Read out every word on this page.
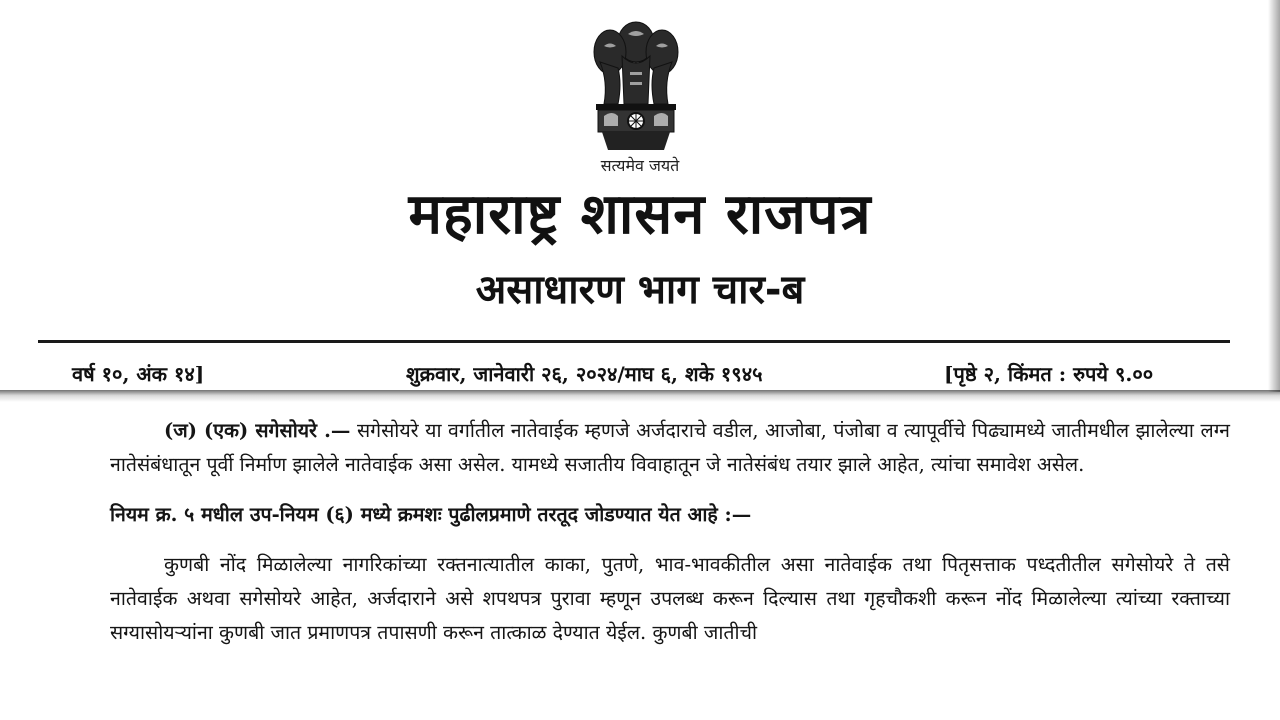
सत्यमेव जयते
महाराष्ट्र शासन राजपत्र
असाधारण भाग चार-ब
वर्ष १०, अंक १४]	शुक्रवार, जानेवारी २६, २०२४/माघ ६, शके १९४५	[पृष्ठे २, किंमत : रुपये ९.००

(ज) (एक) सगेसोयरे .— सगेसोयरे या वर्गातील नातेवाईक म्हणजे अर्जदाराचे वडील, आजोबा, पंजोबा व त्यापूर्वीचे पिढ्यामध्ये जातीमधील झालेल्या लग्न नातेसंबंधातून पूर्वी निर्माण झालेले नातेवाईक असा असेल. यामध्ये सजातीय विवाहातून जे नातेसंबंध तयार झाले आहेत, त्यांचा समावेश असेल.

नियम क्र. ५ मधील उप-नियम (६) मध्ये क्रमशः पुढीलप्रमाणे तरतूद जोडण्यात येत आहे :—

कुणबी नोंद मिळालेल्या नागरिकांच्या रक्तनात्यातील काका, पुतणे, भाव-भावकीतील असा नातेवाईक तथा पितृसत्ताक पध्दतीतील सगेसोयरे ते तसे नातेवाईक अथवा सगेसोयरे आहेत, अर्जदाराने असे शपथपत्र पुरावा म्हणून उपलब्ध करून दिल्यास तथा गृहचौकशी करून नोंद मिळालेल्या त्यांच्या रक्ताच्या सग्यासोयऱ्यांना कुणबी जात प्रमाणपत्र तपासणी करून तात्काळ देण्यात येईल. कुणबी जातीची
